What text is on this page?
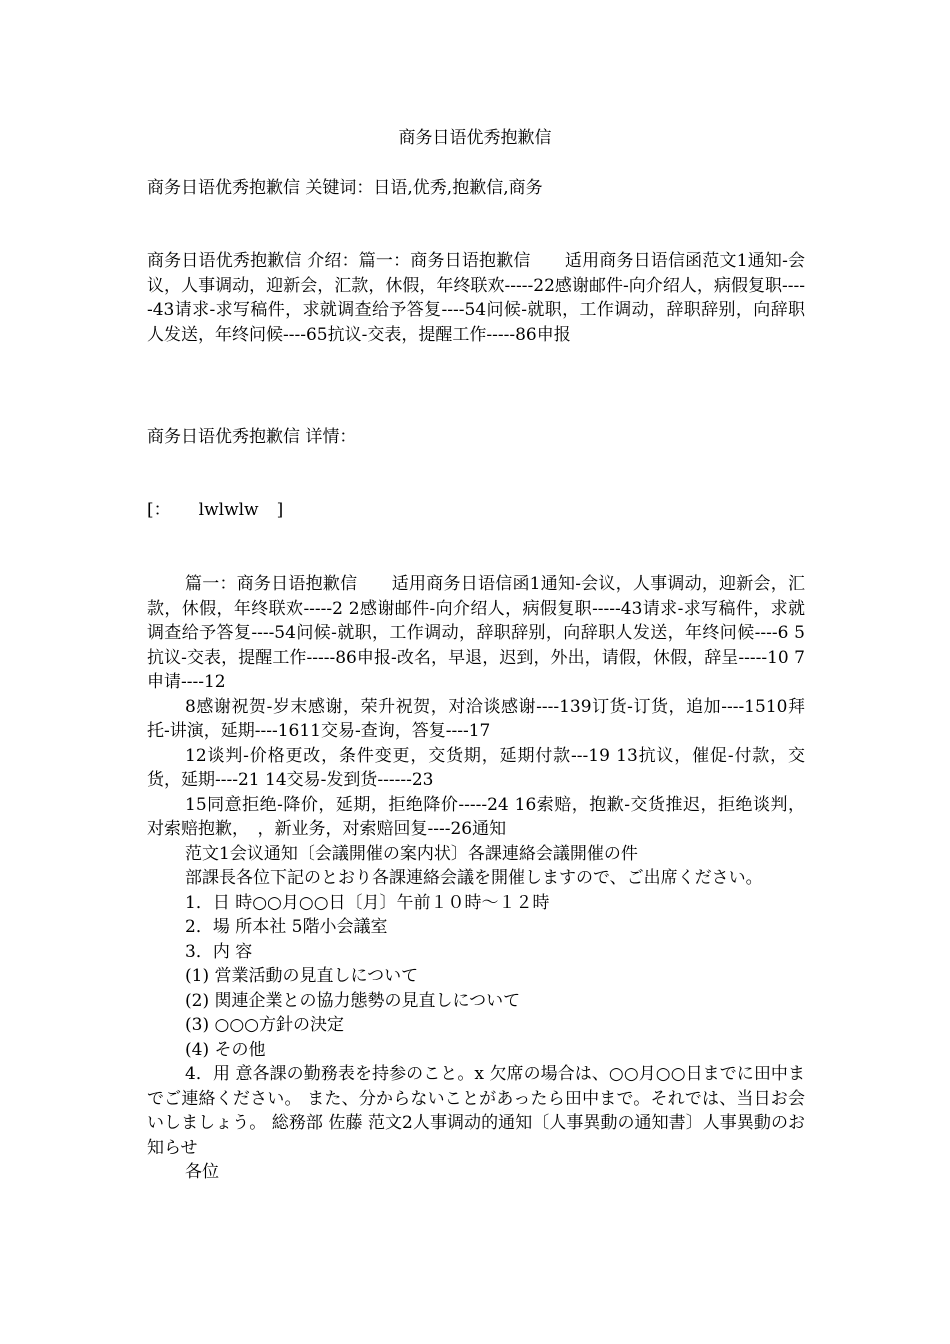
商务日语优秀抱歉信
商务日语优秀抱歉信 关键词：日语,优秀,抱歉信,商务
商务日语优秀抱歉信 介绍：篇一：商务日语抱歉信　　适用商务日语信函范文1通知-会议，人事调动，迎新会，汇款，休假，年终联欢-----22感谢邮件-向介绍人，病假复职-----43请求-求写稿件，求就调查给予答复----54问候-就职，工作调动，辞职辞别，向辞职人发送，年终问候----65抗议-交表，提醒工作-----86申报
商务日语优秀抱歉信 详情：
[： lwlwlw ]

篇一：商务日语抱歉信　　适用商务日语信函1通知-会议，人事调动，迎新会，汇款，休假，年终联欢-----2 2感谢邮件-向介绍人，病假复职-----43请求-求写稿件，求就调查给予答复----54问候-就职，工作调动，辞职辞别，向辞职人发送，年终问候----6 5抗议-交表，提醒工作-----86申报-改名，早退，迟到，外出，请假，休假，辞呈-----10 7申请----12

8感谢祝贺-岁末感谢，荣升祝贺，对洽谈感谢----139订货-订货，追加----1510拜托-讲演，延期----1611交易-查询，答复----17

12谈判-价格更改，条件变更，交货期，延期付款---19 13抗议，催促-付款，交货，延期----21 14交易-发到货------23

15同意拒绝-降价，延期，拒绝降价-----24 16索赔，抱歉-交货推迟，拒绝谈判，对索赔抱歉，　，新业务，对索赔回复----26通知

范文1会议通知〔会議開催の案内状〕各課連絡会議開催の件

部課長各位下記のとおり各課連絡会議を開催しますので、ご出席ください。

1．日 時○○月○○日〔月〕午前１０時～１２時

2．場 所本社 5階小会議室

3．内 容

(1) 営業活動の見直しについて

(2) 関連企業との協力態勢の見直しについて

(3) ○○○方針の決定

(4) その他

4．用 意各課の勤務表を持参のこと。x 欠席の場合は、○○月○○日までに田中までご連絡ください。 また、分からないことがあったら田中まで。それでは、当日お会いしましょう。 総務部 佐藤 范文2人事调动的通知〔人事異動の通知書〕人事異動のお知らせ

各位
